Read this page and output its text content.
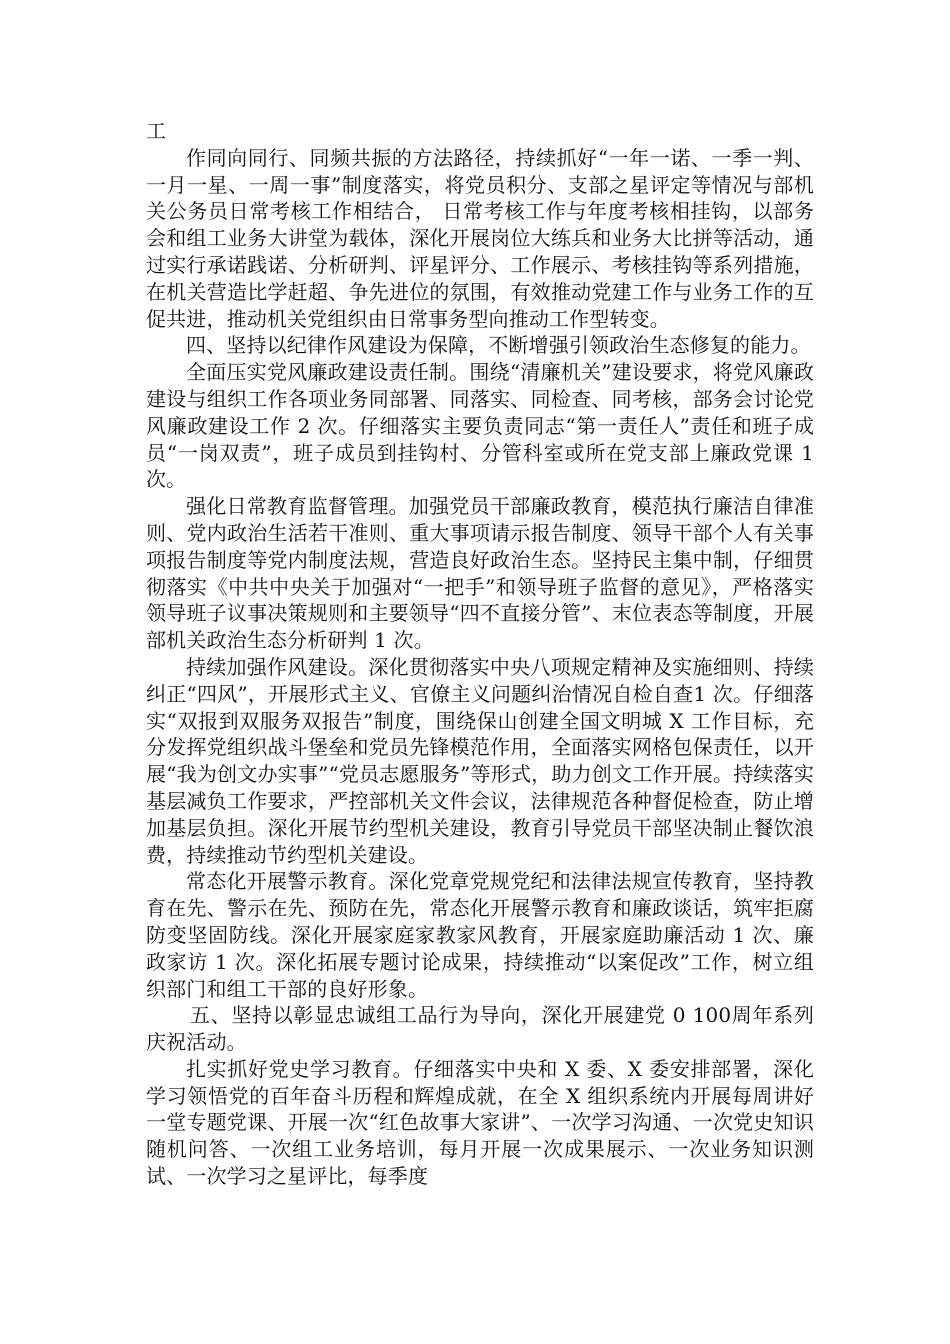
工

作同向同行、同频共振的方法路径，持续抓好“一年一诺、一季一判、一月一星、一周一事”制度落实，将党员积分、支部之星评定等情况与部机关公务员日常考核工作相结合， 日常考核工作与年度考核相挂钩，以部务会和组工业务大讲堂为载体，深化开展岗位大练兵和业务大比拼等活动，通过实行承诺践诺、分析研判、评星评分、工作展示、考核挂钩等系列措施，在机关营造比学赶超、争先进位的氛围，有效推动党建工作与业务工作的互促共进，推动机关党组织由日常事务型向推动工作型转变。

四、坚持以纪律作风建设为保障，不断增强引领政治生态修复的能力。

全面压实党风廉政建设责任制。围绕“清廉机关”建设要求，将党风廉政建设与组织工作各项业务同部署、同落实、同检查、同考核，部务会讨论党风廉政建设工作 2 次。仔细落实主要负责同志“第一责任人”责任和班子成员“一岗双责”，班子成员到挂钩村、分管科室或所在党支部上廉政党课 1 次。

强化日常教育监督管理。加强党员干部廉政教育，模范执行廉洁自律准则、党内政治生活若干准则、重大事项请示报告制度、领导干部个人有关事项报告制度等党内制度法规，营造良好政治生态。坚持民主集中制，仔细贯彻落实《中共中央关于加强对“一把手”和领导班子监督的意见》，严格落实领导班子议事决策规则和主要领导“四不直接分管”、末位表态等制度，开展部机关政治生态分析研判 1 次。

持续加强作风建设。深化贯彻落实中央八项规定精神及实施细则、持续纠正“四风”，开展形式主义、官僚主义问题纠治情况自检自查1 次。仔细落实“双报到双服务双报告”制度，围绕保山创建全国文明城 X 工作目标，充分发挥党组织战斗堡垒和党员先锋模范作用，全面落实网格包保责任，以开展“我为创文办实事”“党员志愿服务”等形式，助力创文工作开展。持续落实基层减负工作要求，严控部机关文件会议，法律规范各种督促检查，防止增加基层负担。深化开展节约型机关建设，教育引导党员干部坚决制止餐饮浪费，持续推动节约型机关建设。

常态化开展警示教育。深化党章党规党纪和法律法规宣传教育，坚持教育在先、警示在先、预防在先，常态化开展警示教育和廉政谈话，筑牢拒腐防变坚固防线。深化开展家庭家教家风教育，开展家庭助廉活动 1 次、廉政家访 1 次。深化拓展专题讨论成果，持续推动“以案促改”工作，树立组织部门和组工干部的良好形象。

五、坚持以彰显忠诚组工品行为导向，深化开展建党 0 100周年系列庆祝活动。

扎实抓好党史学习教育。仔细落实中央和 X 委、X 委安排部署，深化学习领悟党的百年奋斗历程和辉煌成就，在全 X 组织系统内开展每周讲好一堂专题党课、开展一次“红色故事大家讲”、一次学习沟通、一次党史知识随机问答、一次组工业务培训，每月开展一次成果展示、一次业务知识测试、一次学习之星评比，每季度
